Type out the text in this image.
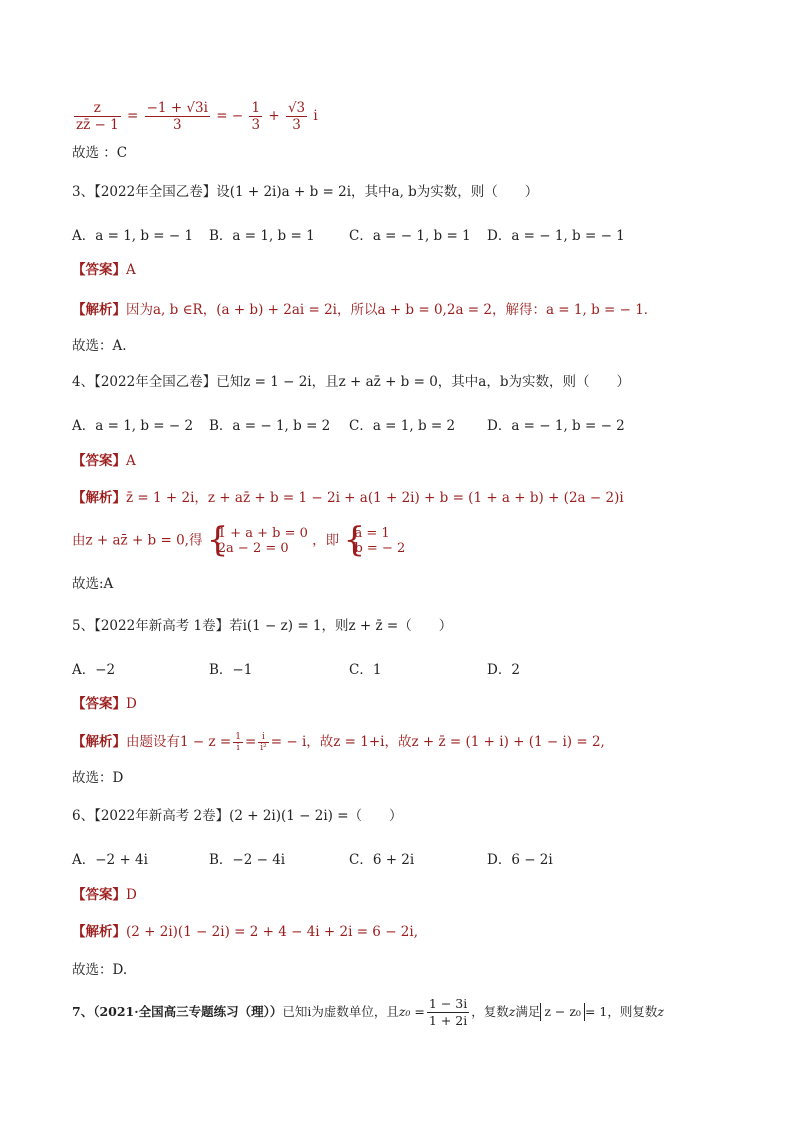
$\frac{z}{zz̄ - 1} = \frac{-1 + √3i}{3}$ = − $\frac{1}{3} + \frac{√3}{3}$ i
故选 ：C
3、【2022年全国乙卷】设(1 + 2i)a + b = 2i，其中a, b为实数，则（　　）
A．a = 1, b = − 1 B．a = 1, b = 1	C．a = − 1, b = 1 D．a = − 1, b = − 1
【答案】A
【解析】因为a, b ∈R，(a + b) + 2ai = 2i，所以a + b = 0,2a = 2，解得：a = 1, b = − 1．
故选：A.
4、【2022年全国乙卷】已知z = 1 − 2i，且z + az̄ + b = 0，其中a，b为实数，则（　　）
A．a = 1, b = − 2 B．a = − 1, b = 2 C．a = 1, b = 2 D．a = − 1, b = − 2
【答案】A
【解析】z̄ = 1 + 2i，z + az̄ + b = 1 − 2i + a(1 + 2i) + b = (1 + a + b) + (2a − 2)i
由z + az̄ + b = 0,得 { 1 + a + b = 0
2a − 2 = 0	，即 { a = 1
b = − 2
故选:A
5、【2022年新高考 1卷】若i(1 − z) = 1，则z + z̄ =（　　）
A．−2	B．−1	C．1	D．2
【答案】D
【解析】由题设有$1 - z = \frac{1}{i} = \frac{i}{\text{i²}}$ = − i，故z = 1+i，故z + z̄ = (1 + i) + (1 − i) = 2,
故选：D
6、【2022年新高考 2卷】(2 + 2i)(1 − 2i) =（　　）
A．−2 + 4i	B．−2 − 4i	C．6 + 2i	D．6 − 2i
【答案】D
【解析】(2 + 2i)(1 − 2i) = 2 + 4 − 4i + 2i = 6 − 2i,
故选：D.
7、（2021·全国高三专题练习（理））已知i为虚数单位，且$z_0 = \frac{1 - 3i}{1 + 2i}$ ，复数z满足 z − z₀ = 1，则复数z
